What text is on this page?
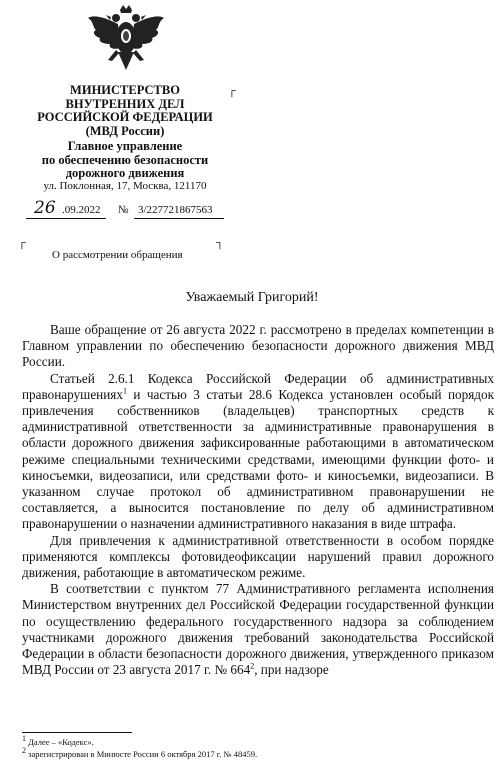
МИНИСТЕРСТВО
ВНУТРЕННИХ ДЕЛ
РОССИЙСКОЙ ФЕДЕРАЦИИ
(МВД России)
Главное управление
по обеспечению безопасности
дорожного движения
ул. Поклонная, 17, Москва, 121170
26 .09.2022 № 3/227721867563
┌
┌	┐
О рассмотрении обращения
Уважаемый Григорий!

Ваше обращение от 26 августа 2022 г. рассмотрено в пределах компетенции в Главном управлении по обеспечению безопасности дорожного движения МВД России.

Статьей 2.6.1 Кодекса Российской Федерации об административных правонарушениях$^1$ и частью 3 статьи 28.6 Кодекса установлен особый порядок привлечения собственников (владельцев) транспортных средств к административной ответственности за административные правонарушения в области дорожного движения зафиксированные работающими в автоматическом режиме специальными техническими средствами, имеющими функции фото- и киносъемки, видеозаписи, или средствами фото- и киносъемки, видеозаписи. В указанном случае протокол об административном правонарушении не составляется, а выносится постановление по делу об административном правонарушении о назначении административного наказания в виде штрафа.

Для привлечения к административной ответственности в особом порядке применяются комплексы фотовидеофиксации нарушений правил дорожного движения, работающие в автоматическом режиме.

В соответствии с пунктом 77 Административного регламента исполнения Министерством внутренних дел Российской Федерации государственной функции по осуществлению федерального государственного надзора за соблюдением участниками дорожного движения требований законодательства Российской Федерации в области безопасности дорожного движения, утвержденного приказом МВД России от 23 августа 2017 г. № $664^2$, при надзоре

$^1$ Далее – «Кодекс».
$^2$ зарегистрирован в Минюсте России 6 октября 2017 г. № 48459.
